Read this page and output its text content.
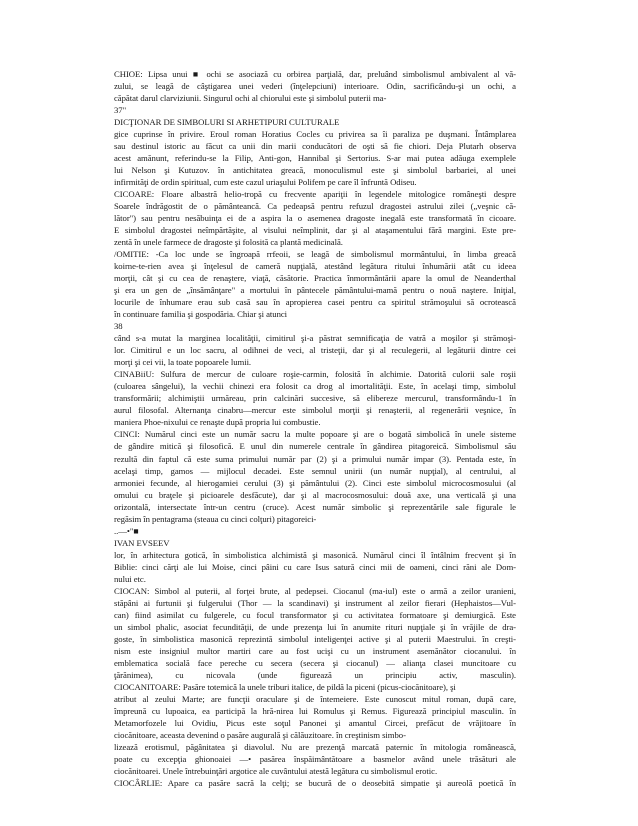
CHIOE: Lipsa unui ■ ochi se asociază cu orbirea parţială, dar, preluând simbolismul ambivalent al vă-
zului, se leagă de câştigarea unei vederi (înţelepciuni) interioare. Odin, sacrificându-şi un ochi, a
căpătat darul clarviziunii. Singurul ochi al chiorului este şi simbolul puterii ma-
37"
DICŢIONAR DE SIMBOLURI SI ARHETIPURI CULTURALE
gice cuprinse în privire. Eroul roman Horatius Cocles cu privirea sa îi paraliza pe duşmani. Întâmplarea
sau destinul istoric au făcut ca unii din marii conducători de oşti să fie chiori. Deja Plutarh observa
acest amănunt, referindu-se la Filip, Anti-gon, Hannibal şi Sertorius. S-ar mai putea adăuga exemplele
lui Nelson şi Kutuzov. în antichitatea greacă, monoculismul este şi simbolul barbariei, al unei
infirmităţi de ordin spiritual, cum este cazul uriaşului Polifem pe care îl înfruntă Odiseu.
CICOARE: Floare albastră helio-tropă cu frecvente apariţii în legendele mitologice româneşti despre
Soarele îndrăgostit de o pământeancă. Ca pedeapsă pentru refuzul dragostei astrului zilei („veşnic că-
lător") sau pentru nesăbuinţa ei de a aspira la o asemenea dragoste inegală este transformată în cicoare.
E simbolul dragostei neîmpărtăşite, al visului neîmplinit, dar şi al ataşamentului fără margini. Este pre-
zentă în unele farmece de dragoste şi folosită ca plantă medicinală.
/OMITIE: -Ca loc unde se îngroapă rrfeoii, se leagă de simbolismul mormântului, în limba greacă
koirne-te-rien avea şi înţelesul de cameră nupţială, atestând legătura ritului înhumării atât cu ideea
morţii, cât şi cu cea de renaştere, viaţă, căsătorie. Practica înmormântării apare la omul de Neanderthal
şi era un gen de „însămânţare" a mortului în pântecele pământului-mamă pentru o nouă naştere. Iniţial,
locurile de înhumare erau sub casă sau în apropierea casei pentru ca spiritul strămoşului să ocrotească
în continuare familia şi gospodăria. Chiar şi atunci
38
când s-a mutat la marginea localităţii, cimitirul şi-a păstrat semnificaţia de vatră a moşilor şi strămoşi-
lor. Cimitirul e un loc sacru, al odihnei de veci, al tristeţii, dar şi al reculegerii, al legăturii dintre cei
morţi şi cei vii, la toate popoarele lumii.
CINABiiU: Sulfura de mercur de culoare roşie-carmin, folosită în alchimie. Datorită culorii sale roşii
(culoarea sângelui), la vechii chinezi era folosit ca drog al imortalităţii. Este, în acelaşi timp, simbolul
transformării; alchimiştii urmăreau, prin calcinări succesive, să elibereze mercurul, transformându-1 în
aurul filosofal. Alternanţa cinabru—mercur este simbolul morţii şi renaşterii, al regenerării veşnice, în
maniera Phoe-nixului ce renaşte după propria lui combustie.
CINCI: Numărul cinci este un număr sacru la multe popoare şi are o bogată simbolică în unele sisteme
de gândire mitică şi filosofică. E unul din numerele centrale în gândirea pitagoreică. Simbolismul său
rezultă din faptul că este suma primului număr par (2) şi a primului număr impar (3). Pentada este, în
acelaşi timp, gamos — mijlocul decadei. Este semnul unirii (un număr nupţial), al centrului, al
armoniei fecunde, al hierogamiei cerului (3) şi pământului (2). Cinci este simbolul microcosmosului (al
omului cu braţele şi picioarele desfăcute), dar şi al macrocosmosului: două axe, una verticală şi una
orizontală, intersectate într-un centru (cruce). Acest număr simbolic şi reprezentările sale figurale le
regăsim în pentagrama (steaua cu cinci colţuri) pitagoreici-
..—•"■
IVAN EVSEEV
lor, în arhitectura gotică, în simbolistica alchimistă şi masonică. Numărul cinci îl întâlnim frecvent şi în
Biblie: cinci cărţi ale lui Moise, cinci pâini cu care Isus satură cinci mii de oameni, cinci răni ale Dom-
nului etc.
CIOCAN: Simbol al puterii, al forţei brute, al pedepsei. Ciocanul (ma-iul) este o armă a zeilor uranieni,
stăpâni ai furtunii şi fulgerului (Thor — la scandinavi) şi instrument al zeilor fierari (Hephaistos—Vul-
can) fiind asimilat cu fulgerele, cu focul transformator şi cu activitatea formatoare şi demiurgică. Este
un simbol phalic, asociat fecundităţii, de unde prezenţa lui în anumite rituri nupţiale şi în vrăjile de dra-
goste, în simbolistica masonică reprezintă simbolul inteligenţei active şi al puterii Maestrului. în creşti-
nism este insigniul multor martiri care au fost ucişi cu un instrument asemănător ciocanului. în
emblematica socială face pereche cu secera (secera şi ciocanul) — alianţa clasei muncitoare cu
ţărănimea), cu nicovala (unde figurează un principiu activ, masculin).
CIOCANITOARE: Pasăre totemică la unele triburi italice, de pildă la piceni (picus-ciocănitoare), şi
atribut al zeului Marte; are funcţii oraculare şi de întemeiere. Este cunoscut mitul roman, după care,
împreună cu lupoaica, ea participă la hră-nirea lui Romulus şi Remus. Figurează principiul masculin. în
Metamorfozele lui Ovidiu, Picus este soţul Panonei şi amantul Circei, prefăcut de vrăjitoare în
ciocănitoare, aceasta devenind o pasăre augurală şi călăuzitoare. în creştinism simbo-
lizează erotismul, păgânitatea şi diavolul. Nu are prezenţă marcată paternic în mitologia românească,
poate cu excepţia ghionoaiei —• pasărea înspăimântătoare a basmelor având unele trăsături ale
ciocănitoarei. Unele întrebuinţări argotice ale cuvântului atestă legătura cu simbolismul erotic.
CIOCÂRLIE: Apare ca pasăre sacră la celţi; se bucură de o deosebită simpatie şi aureolă poetică în
